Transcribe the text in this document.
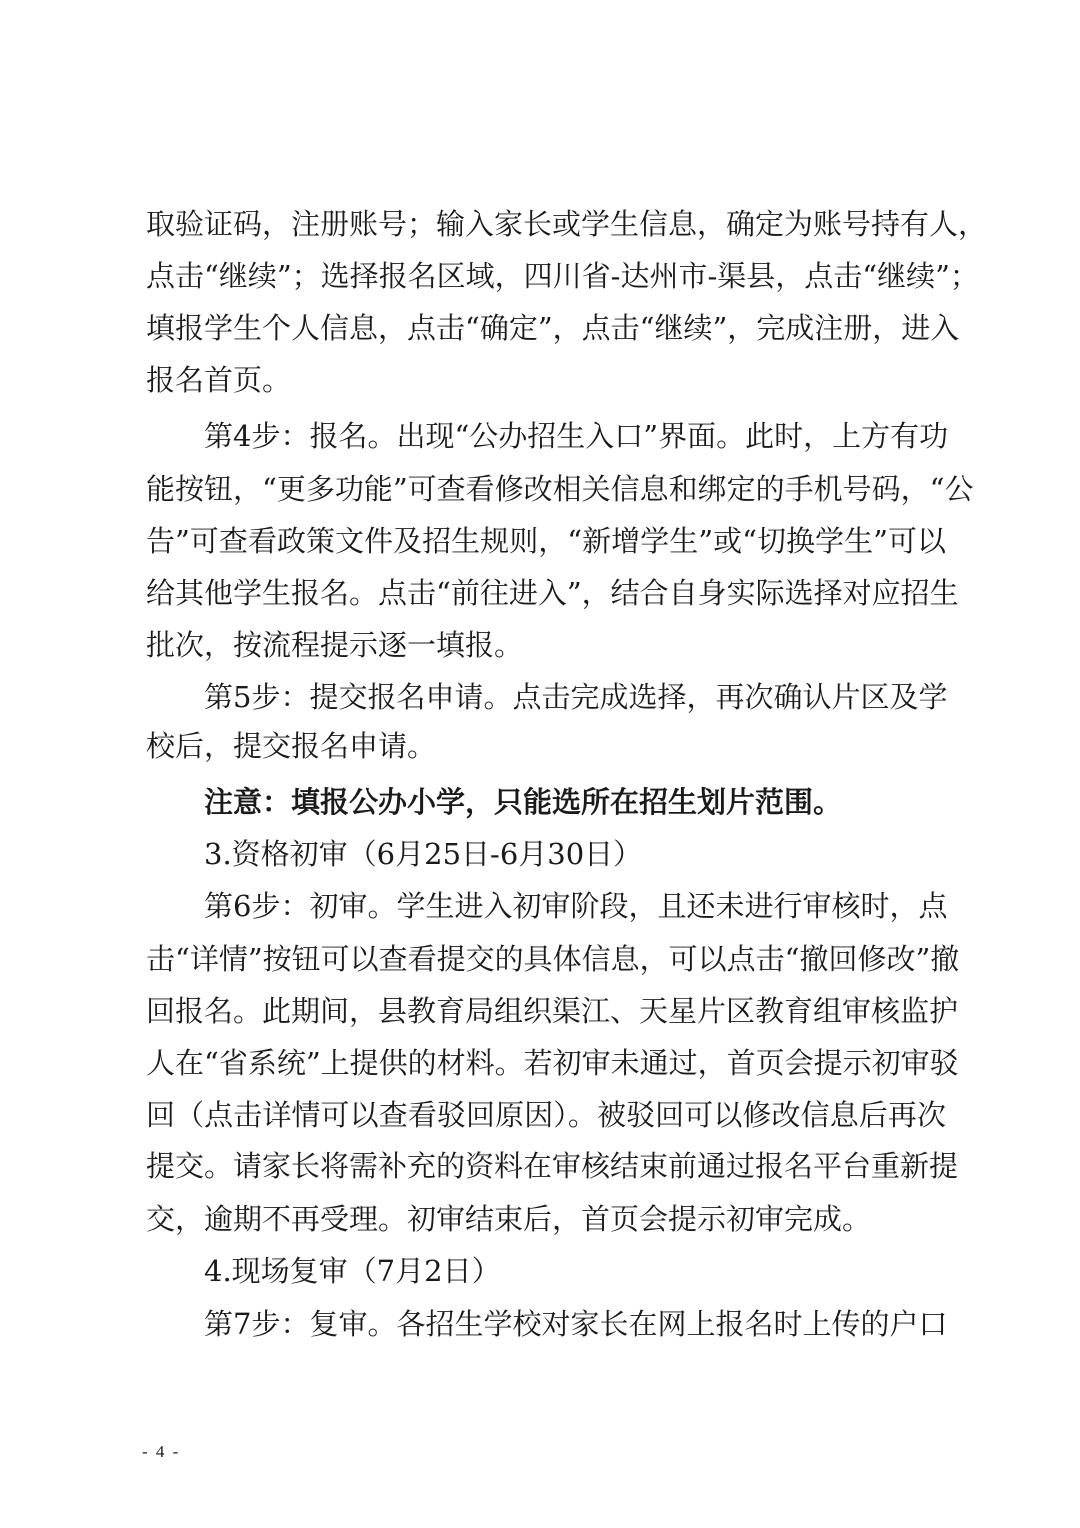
取验证码，注册账号；输入家长或学生信息，确定为账号持有人，
点击“继续”；选择报名区域，四川省-达州市-渠县，点击“继续”；
填报学生个人信息，点击“确定”，点击“继续”，完成注册，进入
报名首页。
第4步：报名。出现“公办招生入口”界面。此时，上方有功
能按钮，“更多功能”可查看修改相关信息和绑定的手机号码，“公
告”可查看政策文件及招生规则，“新增学生”或“切换学生”可以
给其他学生报名。点击“前往进入”，结合自身实际选择对应招生
批次，按流程提示逐一填报。
第5步：提交报名申请。点击完成选择，再次确认片区及学
校后，提交报名申请。
注意：填报公办小学，只能选所在招生划片范围。
3.资格初审（6月25日-6月30日）
第6步：初审。学生进入初审阶段，且还未进行审核时，点
击“详情”按钮可以查看提交的具体信息，可以点击“撤回修改”撤
回报名。此期间，县教育局组织渠江、天星片区教育组审核监护
人在“省系统”上提供的材料。若初审未通过，首页会提示初审驳
回（点击详情可以查看驳回原因）。被驳回可以修改信息后再次
提交。请家长将需补充的资料在审核结束前通过报名平台重新提
交，逾期不再受理。初审结束后，首页会提示初审完成。
4.现场复审（7月2日）
第7步：复审。各招生学校对家长在网上报名时上传的户口
- 4 -
